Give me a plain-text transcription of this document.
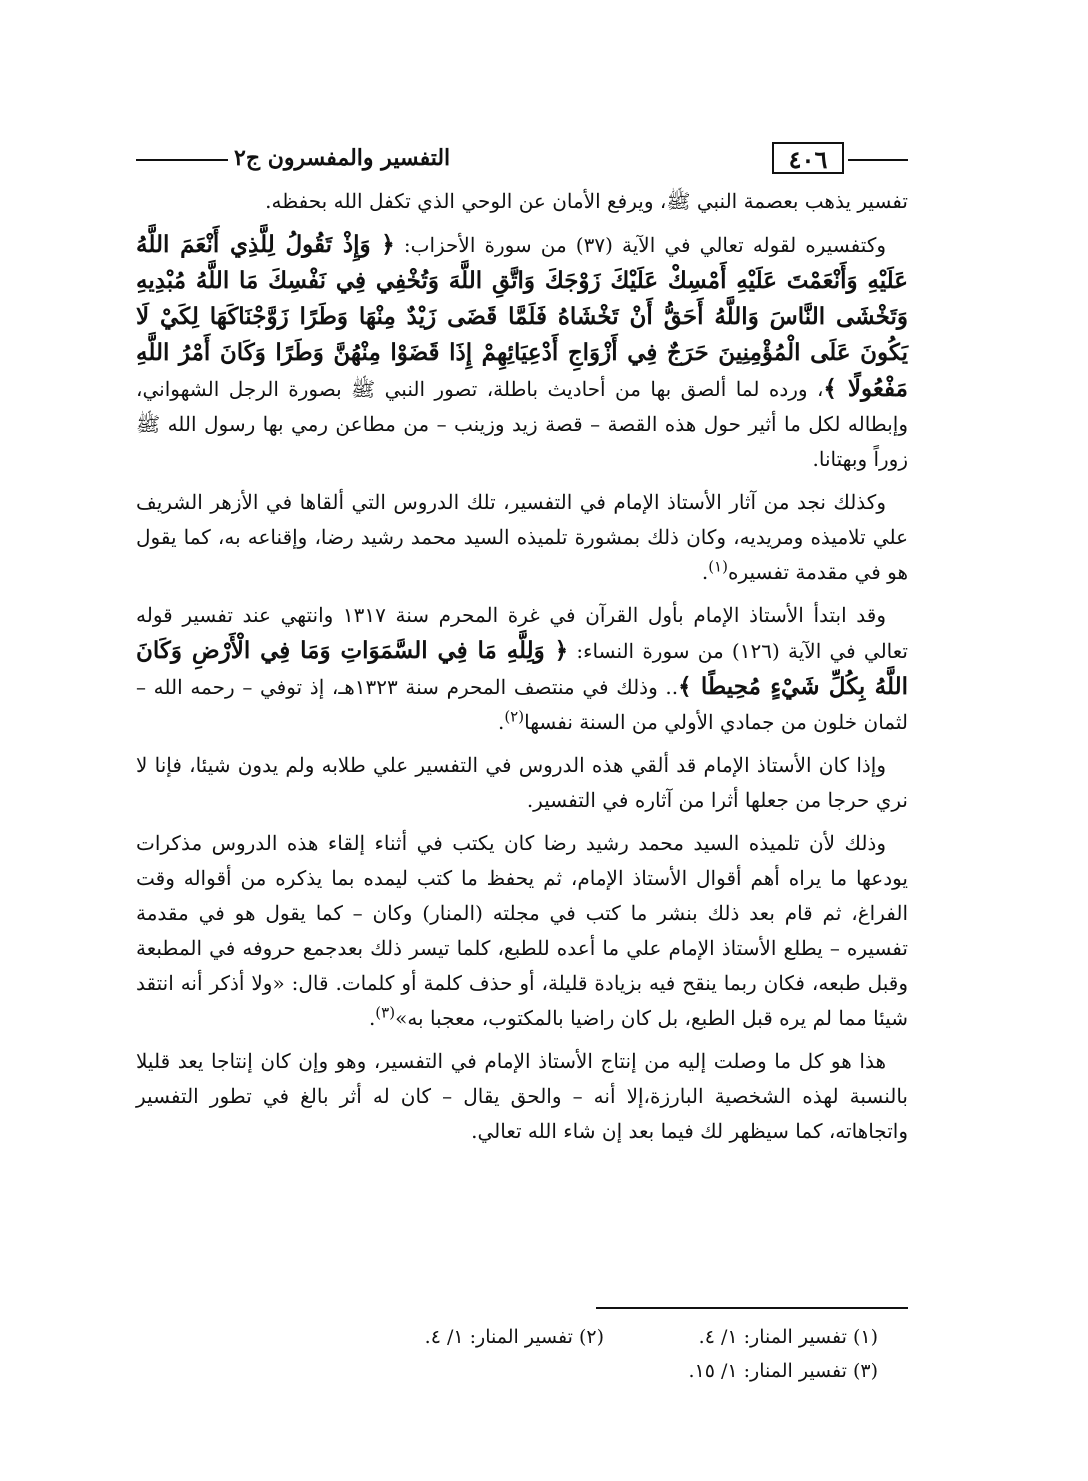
٤٠٦
التفسير والمفسرون ج٢

تفسير يذهب بعصمة النبي ﷺ، ويرفع الأمان عن الوحي الذي تكفل الله بحفظه.

وكتفسيره لقوله تعالي في الآية (٣٧) من سورة الأحزاب: ﴿ وَإِذْ تَقُولُ لِلَّذِي أَنْعَمَ اللَّهُ عَلَيْهِ وَأَنْعَمْتَ عَلَيْهِ أَمْسِكْ عَلَيْكَ زَوْجَكَ وَاتَّقِ اللَّهَ وَتُخْفِي فِي نَفْسِكَ مَا اللَّهُ مُبْدِيهِ وَتَخْشَى النَّاسَ وَاللَّهُ أَحَقُّ أَنْ تَخْشَاهُ فَلَمَّا قَضَى زَيْدٌ مِنْهَا وَطَرًا زَوَّجْنَاكَهَا لِكَيْ لَا يَكُونَ عَلَى الْمُؤْمِنِينَ حَرَجٌ فِي أَزْوَاجِ أَدْعِيَائِهِمْ إِذَا قَضَوْا مِنْهُنَّ وَطَرًا وَكَانَ أَمْرُ اللَّهِ مَفْعُولًا ﴾، ورده لما ألصق بها من أحاديث باطلة، تصور النبي ﷺ بصورة الرجل الشهواني، وإبطاله لكل ما أثير حول هذه القصة – قصة زيد وزينب – من مطاعن رمي بها رسول الله ﷺ زوراً وبهتانا.

وكذلك نجد من آثار الأستاذ الإمام في التفسير، تلك الدروس التي ألقاها في الأزهر الشريف علي تلاميذه ومريديه، وكان ذلك بمشورة تلميذه السيد محمد رشيد رضا، وإقناعه به، كما يقول هو في مقدمة تفسيره$^{(١)}$.

وقد ابتدأ الأستاذ الإمام بأول القرآن في غرة المحرم سنة ١٣١٧ وانتهي عند تفسير قوله تعالي في الآية (١٢٦) من سورة النساء: ﴿ وَلِلَّهِ مَا فِي السَّمَوَاتِ وَمَا فِي الْأَرْضِ وَكَانَ اللَّهُ بِكُلِّ شَيْءٍ مُحِيطًا ﴾.. وذلك في منتصف المحرم سنة ١٣٢٣هـ، إذ توفي – رحمه الله – لثمان خلون من جمادي الأولي من السنة نفسها$^{(٢)}$.

وإذا كان الأستاذ الإمام قد ألقي هذه الدروس في التفسير علي طلابه ولم يدون شيئا، فإنا لا نري حرجا من جعلها أثرا من آثاره في التفسير.

وذلك لأن تلميذه السيد محمد رشيد رضا كان يكتب في أثناء إلقاء هذه الدروس مذكرات يودعها ما يراه أهم أقوال الأستاذ الإمام، ثم يحفظ ما كتب ليمده بما يذكره من أقواله وقت الفراغ، ثم قام بعد ذلك بنشر ما كتب في مجلته (المنار) وكان – كما يقول هو في مقدمة تفسيره – يطلع الأستاذ الإمام علي ما أعده للطبع، كلما تيسر ذلك بعدجمع حروفه في المطبعة وقبل طبعه، فكان ربما ينقح فيه بزيادة قليلة، أو حذف كلمة أو كلمات. قال: «ولا أذكر أنه انتقد شيئا مما لم يره قبل الطبع، بل كان راضيا بالمكتوب، معجبا به»$^{(٣)}$.

هذا هو كل ما وصلت إليه من إنتاج الأستاذ الإمام في التفسير، وهو وإن كان إنتاجا يعد قليلا بالنسبة لهذه الشخصية البارزة،إلا أنه – والحق يقال – كان له أثر بالغ في تطور التفسير واتجاهاته، كما سيظهر لك فيما بعد إن شاء الله تعالي.

(١) تفسير المنار: ١/ ٤.
(٢) تفسير المنار: ١/ ٤.
(٣) تفسير المنار: ١/ ١٥.
